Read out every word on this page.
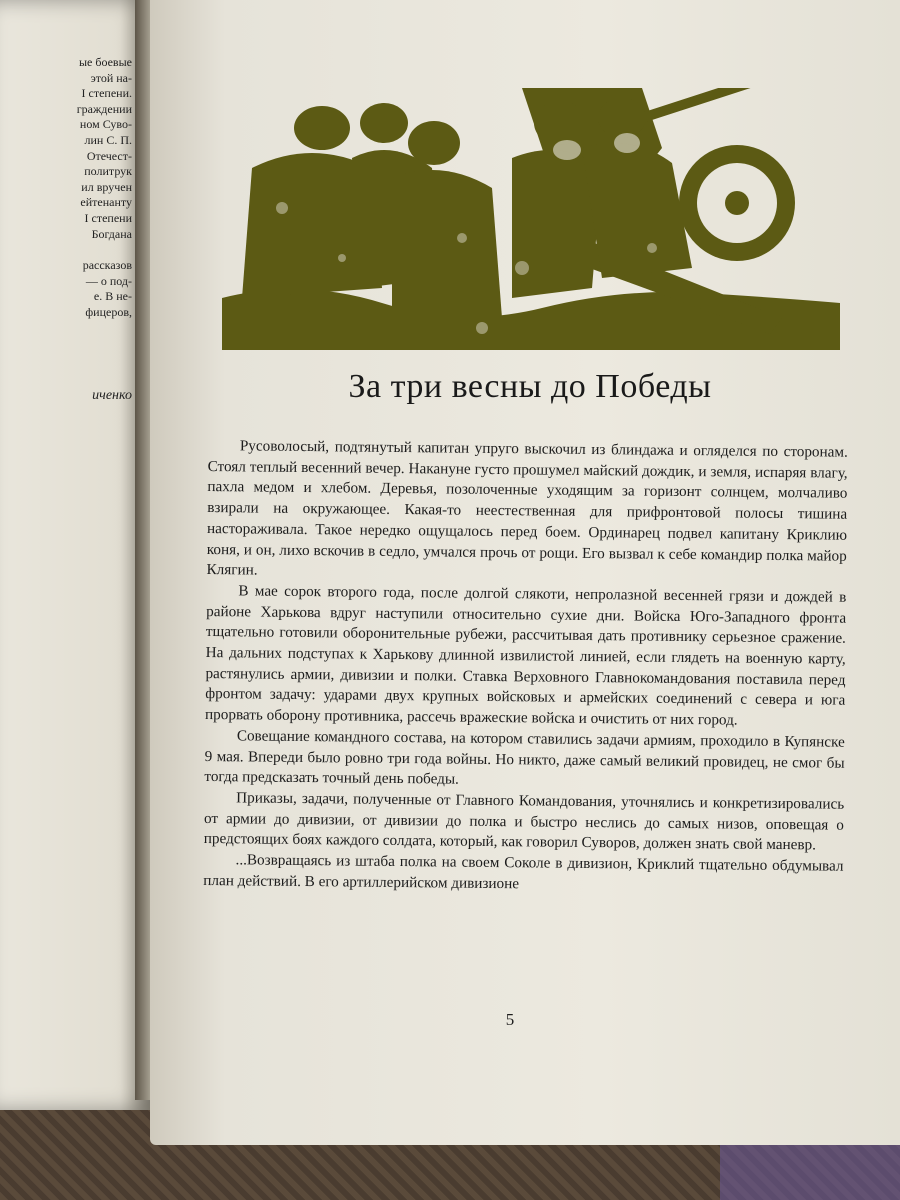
ые боевые
этой на-
I степени.
граждении
ном Суво-
лин С. П.
Отечест-
политрук
ил вручен
ейтенанту
I степени
Богдана
рассказов
— о под-
е. В не-
фицеров,
иченко	За три весны до Победы

Русоволосый, подтянутый капитан упруго выскочил из блиндажа и огляделся по сторонам. Стоял теплый весенний вечер. Накануне густо прошумел майский дождик, и земля, испаряя влагу, пахла медом и хлебом. Деревья, позолоченные уходящим за горизонт солнцем, молчаливо взирали на окружающее. Какая-то неестественная для прифронтовой полосы тишина настораживала. Такое нередко ощущалось перед боем. Ординарец подвел капитану Криклию коня, и он, лихо вскочив в седло, умчался прочь от рощи. Его вызвал к себе командир полка майор Клягин.

В мае сорок второго года, после долгой слякоти, непролазной весенней грязи и дождей в районе Харькова вдруг наступили относительно сухие дни. Войска Юго-Западного фронта тщательно готовили оборонительные рубежи, рассчитывая дать противнику серьезное сражение. На дальних подступах к Харькову длинной извилистой линией, если глядеть на военную карту, растянулись армии, дивизии и полки. Ставка Верховного Главнокомандования поставила перед фронтом задачу: ударами двух крупных войсковых и армейских соединений с севера и юга прорвать оборону противника, рассечь вражеские войска и очистить от них город.

Совещание командного состава, на котором ставились задачи армиям, проходило в Купянске 9 мая. Впереди было ровно три года войны. Но никто, даже самый великий провидец, не смог бы тогда предсказать точный день победы.

Приказы, задачи, полученные от Главного Командования, уточнялись и конкретизировались от армии до дивизии, от дивизии до полка и быстро неслись до самых низов, оповещая о предстоящих боях каждого солдата, который, как говорил Суворов, должен знать свой маневр.

...Возвращаясь из штаба полка на своем Соколе в дивизион, Криклий тщательно обдумывал план действий. В его артиллерийском дивизионе

5
